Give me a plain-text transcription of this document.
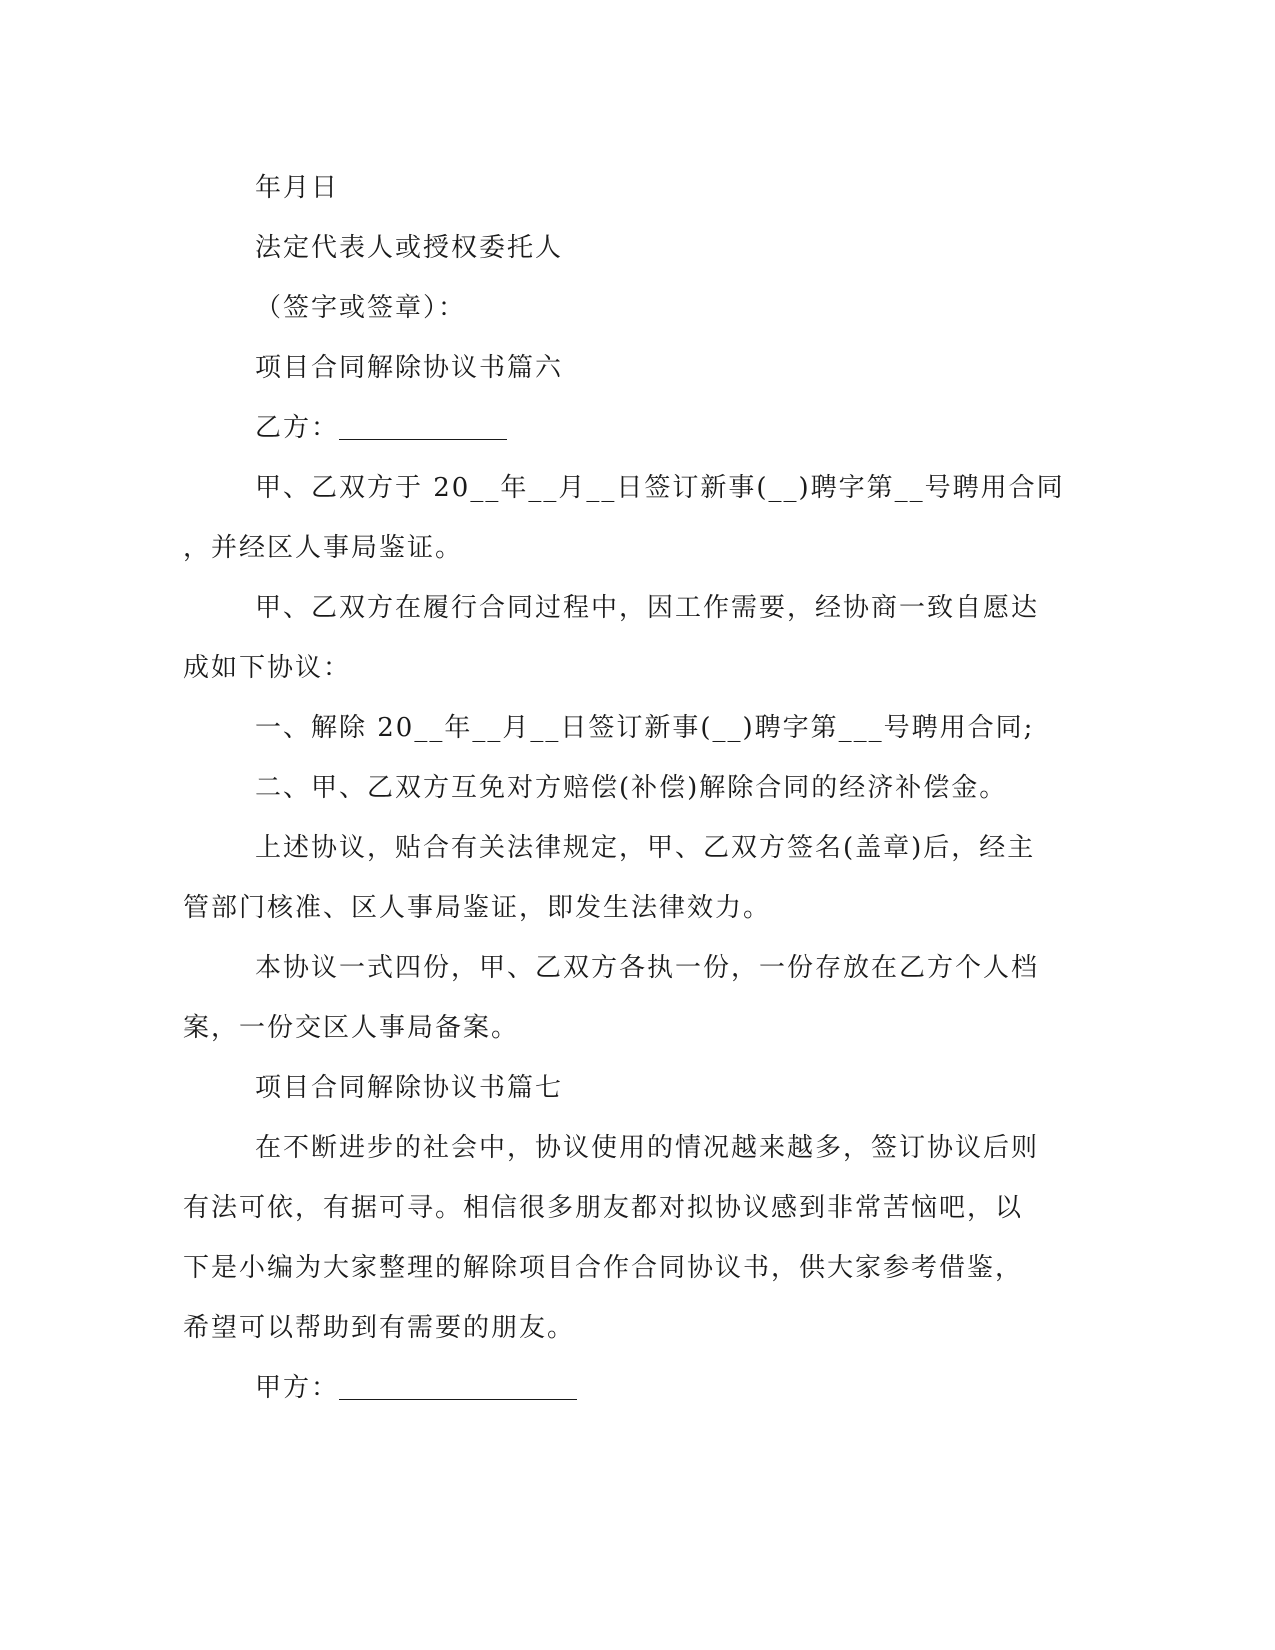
年月日
法定代表人或授权委托人
（签字或签章）：
项目合同解除协议书篇六
乙方：
甲、乙双方于 20__年__月__日签订新事(__)聘字第__号聘用合同
，并经区人事局鉴证。
甲、乙双方在履行合同过程中，因工作需要，经协商一致自愿达
成如下协议：
一、解除 20__年__月__日签订新事(__)聘字第___号聘用合同;
二、甲、乙双方互免对方赔偿(补偿)解除合同的经济补偿金。
上述协议，贴合有关法律规定，甲、乙双方签名(盖章)后，经主
管部门核准、区人事局鉴证，即发生法律效力。
本协议一式四份，甲、乙双方各执一份，一份存放在乙方个人档
案，一份交区人事局备案。
项目合同解除协议书篇七
在不断进步的社会中，协议使用的情况越来越多，签订协议后则
有法可依，有据可寻。相信很多朋友都对拟协议感到非常苦恼吧，以
下是小编为大家整理的解除项目合作合同协议书，供大家参考借鉴，
希望可以帮助到有需要的朋友。
甲方：
